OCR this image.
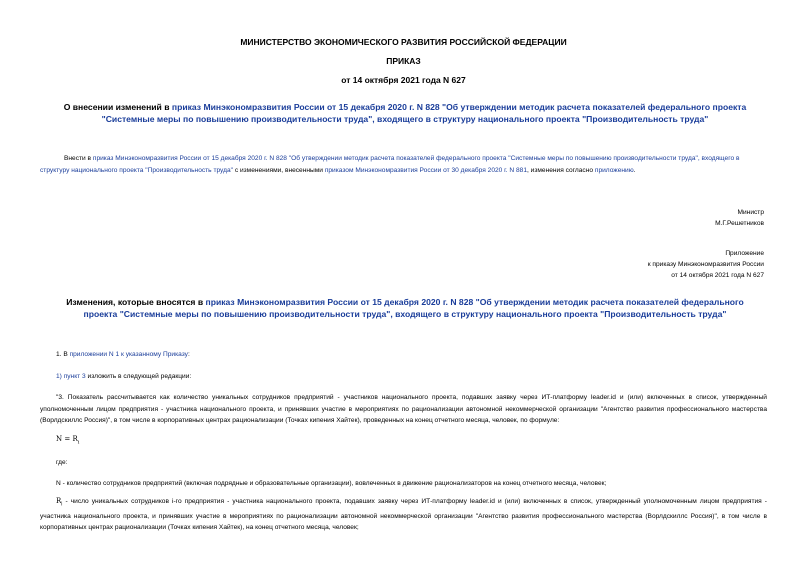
МИНИСТЕРСТВО ЭКОНОМИЧЕСКОГО РАЗВИТИЯ РОССИЙСКОЙ ФЕДЕРАЦИИ
ПРИКАЗ
от 14 октября 2021 года N 627
О внесении изменений в приказ Минэкономразвития России от 15 декабря 2020 г. N 828 "Об утверждении методик расчета показателей федерального проекта "Системные меры по повышению производительности труда", входящего в структуру национального проекта "Производительность труда"
Внести в приказ Минэкономразвития России от 15 декабря 2020 г. N 828 "Об утверждении методик расчета показателей федерального проекта "Системные меры по повышению производительности труда", входящего в структуру национального проекта "Производительность труда" с изменениями, внесенными приказом Минэкономразвития России от 30 декабря 2020 г. N 881, изменения согласно приложению.
Министр
М.Г.Решетников
Приложение
к приказу Минэкономразвития России
от 14 октября 2021 года N 627
Изменения, которые вносятся в приказ Минэкономразвития России от 15 декабря 2020 г. N 828 "Об утверждении методик расчета показателей федерального проекта "Системные меры по повышению производительности труда", входящего в структуру национального проекта "Производительность труда"
1. В приложении N 1 к указанному Приказу:
1) пункт 3 изложить в следующей редакции:
"3. Показатель рассчитывается как количество уникальных сотрудников предприятий - участников национального проекта, подавших заявку через ИТ-платформу leader.id и (или) включенных в список, утвержденный уполномоченным лицом предприятия - участника национального проекта, и принявших участие в мероприятиях по рационализации автономной некоммерческой организации "Агентство развития профессионального мастерства (Ворлдскиллс Россия)", в том числе в корпоративных центрах рационализации (Точках кипения Хайтек), проведенных на конец отчетного месяца, человек, по формуле:
$N = R_i$
где:
N - количество сотрудников предприятий (включая подрядные и образовательные организации), вовлеченных в движение рационализаторов на конец отчетного месяца, человек;
$R_i$ - число уникальных сотрудников i-го предприятия - участника национального проекта, подавших заявку через ИТ-платформу leader.id и (или) включенных в список, утвержденный уполномоченным лицом предприятия - участника национального проекта, и принявших участие в мероприятиях по рационализации автономной некоммерческой организации "Агентство развития профессионального мастерства (Ворлдскиллс Россия)", в том числе в корпоративных центрах рационализации (Точках кипения Хайтек), на конец отчетного месяца, человек;
